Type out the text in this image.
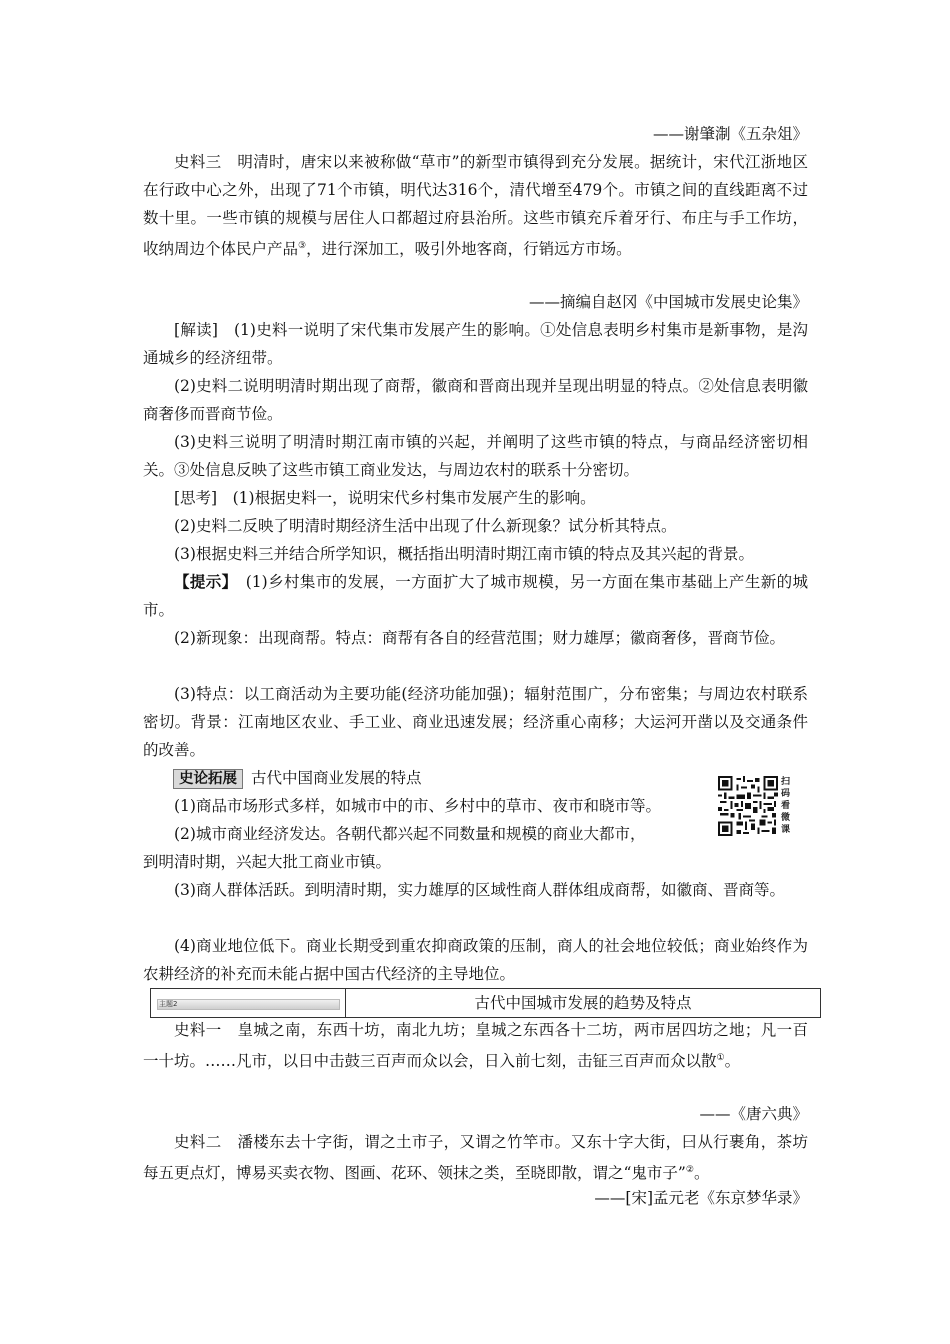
——谢肇淛《五杂俎》

史料三　 明清时，唐宋以来被称做“草市”的新型市镇得到充分发展。据统计，宋代江浙地区在行政中心之外，出现了71个市镇，明代达316个，清代增至479个。市镇之间的直线距离不过数十里。一些市镇的规模与居住人口都超过府县治所。这些市镇充斥着牙行、布庄与手工作坊，收纳周边个体民户产品③，进行深加工，吸引外地客商，行销远方市场。

——摘编自赵冈《中国城市发展史论集》

[解读]　 (1)史料一说明了宋代集市发展产生的影响。①处信息表明乡村集市是新事物，是沟通城乡的经济纽带。

(2)史料二说明明清时期出现了商帮，徽商和晋商出现并呈现出明显的特点。②处信息表明徽商奢侈而晋商节俭。

(3)史料三说明了明清时期江南市镇的兴起，并阐明了这些市镇的特点，与商品经济密切相关。③处信息反映了这些市镇工商业发达，与周边农村的联系十分密切。

[思考]　 (1)根据史料一，说明宋代乡村集市发展产生的影响。

(2)史料二反映了明清时期经济生活中出现了什么新现象？试分析其特点。

(3)根据史料三并结合所学知识，概括指出明清时期江南市镇的特点及其兴起的背景。

【提示】　 (1)乡村集市的发展，一方面扩大了城市规模，另一方面在集市基础上产生新的城市。

(2)新现象：出现商帮。特点：商帮有各自的经营范围；财力雄厚；徽商奢侈，晋商节俭。

(3)特点：以工商活动为主要功能(经济功能加强)；辐射范围广，分布密集；与周边农村联系密切。背景：江南地区农业、手工业、商业迅速发展；经济重心南移；大运河开凿以及交通条件的改善。

史论拓展 古代中国商业发展的特点	扫码看微课

(1)商品市场形式多样，如城市中的市、乡村中的草市、夜市和晓市等。

(2)城市商业经济发达。各朝代都兴起不同数量和规模的商业大都市，

到明清时期，兴起大批工商业市镇。

(3)商人群体活跃。到明清时期，实力雄厚的区域性商人群体组成商帮，如徽商、晋商等。

(4)商业地位低下。商业长期受到重农抑商政策的压制，商人的社会地位较低；商业始终作为农耕经济的补充而未能占据中国古代经济的主导地位。

主题2	古代中国城市发展的趋势及特点

史料一　 皇城之南，东西十坊，南北九坊；皇城之东西各十二坊，两市居四坊之地；凡一百一十坊。……凡市，以日中击鼓三百声而众以会，日入前七刻，击钲三百声而众以散①。

——《唐六典》

史料二　 潘楼东去十字街，谓之土市子，又谓之竹竿市。又东十字大街，曰从行裹角，茶坊每五更点灯，博易买卖衣物、图画、花环、领抹之类，至晓即散，谓之“鬼市子”②。

——[宋]孟元老《东京梦华录》
